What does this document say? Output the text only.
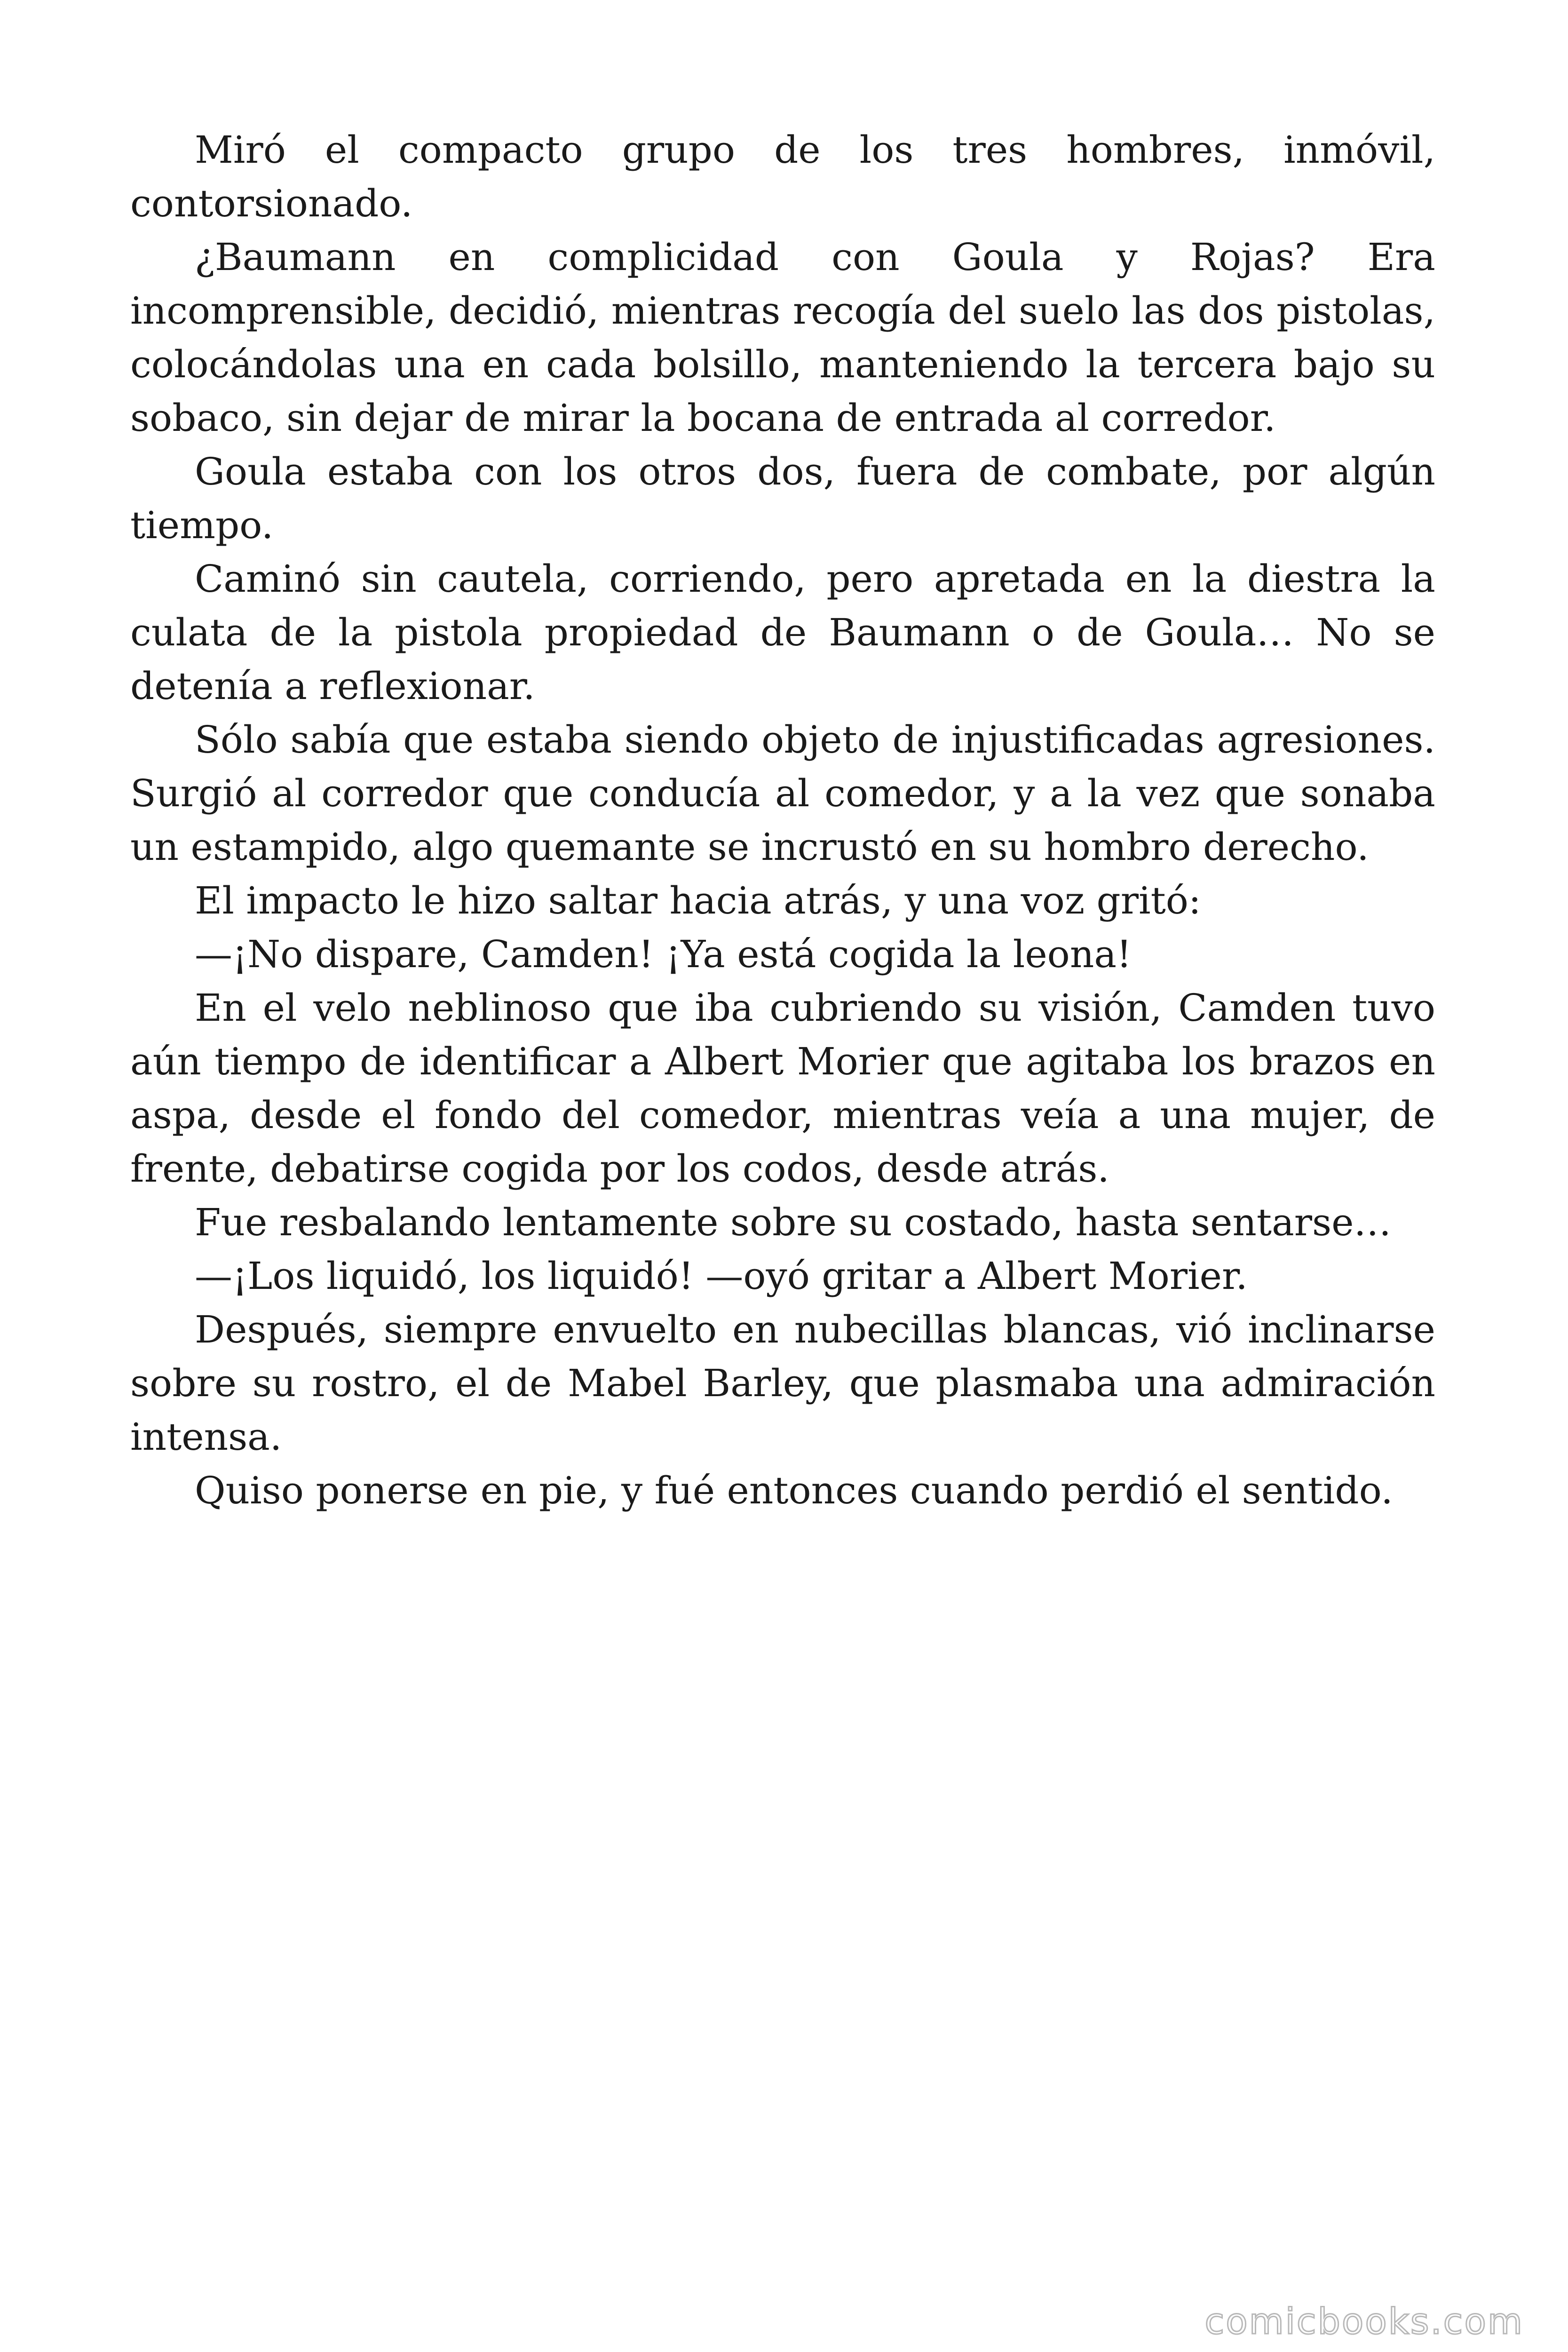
Miró el compacto grupo de los tres hombres, inmóvil, contorsionado.

¿Baumann en complicidad con Goula y Rojas? Era incomprensible, decidió, mientras recogía del suelo las dos pistolas, colocándolas una en cada bolsillo, manteniendo la tercera bajo su sobaco, sin dejar de mirar la bocana de entrada al corredor.

Goula estaba con los otros dos, fuera de combate, por algún tiempo.

Caminó sin cautela, corriendo, pero apretada en la diestra la culata de la pistola propiedad de Baumann o de Goula… No se detenía a reflexionar.

Sólo sabía que estaba siendo objeto de injustificadas agresiones. Surgió al corredor que conducía al comedor, y a la vez que sonaba un estampido, algo quemante se incrustó en su hombro derecho.

El impacto le hizo saltar hacia atrás, y una voz gritó:

—¡No dispare, Camden! ¡Ya está cogida la leona!

En el velo neblinoso que iba cubriendo su visión, Camden tuvo aún tiempo de identificar a Albert Morier que agitaba los brazos en aspa, desde el fondo del comedor, mientras veía a una mujer, de frente, debatirse cogida por los codos, desde atrás.

Fue resbalando lentamente sobre su costado, hasta sentarse…

—¡Los liquidó, los liquidó! —oyó gritar a Albert Morier.

Después, siempre envuelto en nubecillas blancas, vió inclinarse sobre su rostro, el de Mabel Barley, que plasmaba una admiración intensa.

Quiso ponerse en pie, y fué entonces cuando perdió el sentido.

comicbooks.com
